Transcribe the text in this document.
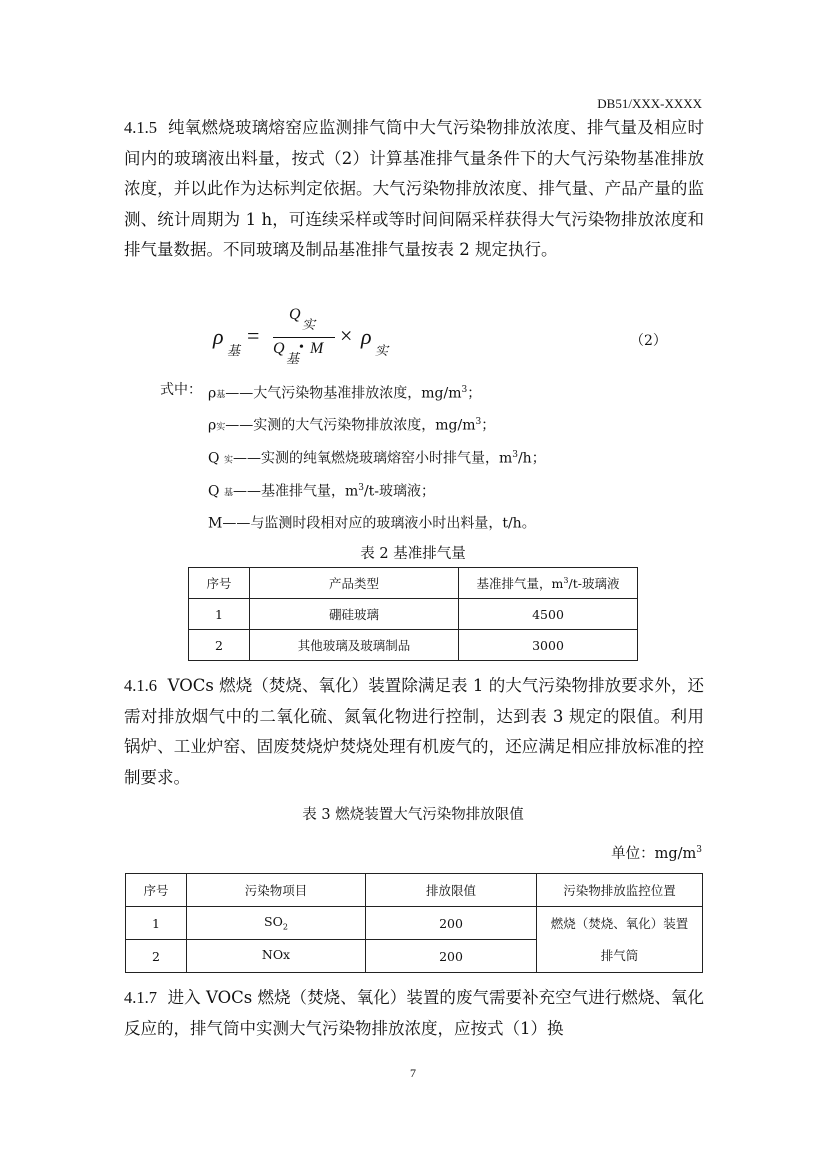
DB51/XXX-XXXX

4.1.5 纯氧燃烧玻璃熔窑应监测排气筒中大气污染物排放浓度、排气量及相应时间内的玻璃液出料量，按式（2）计算基准排气量条件下的大气污染物基准排放浓度，并以此作为达标判定依据。大气污染物排放浓度、排气量、产品产量的监测、统计周期为 1 h，可连续采样或等时间间隔采样获得大气污染物排放浓度和排气量数据。不同玻璃及制品基准排气量按表 2 规定执行。

ρ
基
=
Q
实
Q
基
• M
× ρ
实
（2）
式中： ρ基——大气污染物基准排放浓度，$mg/m^3$；
ρ实——实测的大气污染物排放浓度，$mg/m^3$；
Q 实——实测的纯氧燃烧玻璃熔窑小时排气量，$m^3/h$；
Q 基——基准排气量，$m^3/t-$玻璃液；
M——与监测时段相对应的玻璃液小时出料量，t/h。
表 2 基准排气量
序号	产品类型	基准排气量，$m^3/t-$玻璃液
1	硼硅玻璃	4500
2	其他玻璃及玻璃制品	3000

4.1.6 VOCs 燃烧（焚烧、氧化）装置除满足表 1 的大气污染物排放要求外，还需对排放烟气中的二氧化硫、氮氧化物进行控制，达到表 3 规定的限值。利用锅炉、工业炉窑、固废焚烧炉焚烧处理有机废气的，还应满足相应排放标准的控制要求。

表 3 燃烧装置大气污染物排放限值
单位：$mg/m^3$
序号	污染物项目	排放限值	污染物排放监控位置
1	$SO_2$	200	燃烧（焚烧、氧化）装置
排气筒

2	NOx	200	

4.1.7 进入 VOCs 燃烧（焚烧、氧化）装置的废气需要补充空气进行燃烧、氧化反应的，排气筒中实测大气污染物排放浓度，应按式（1）换

7
